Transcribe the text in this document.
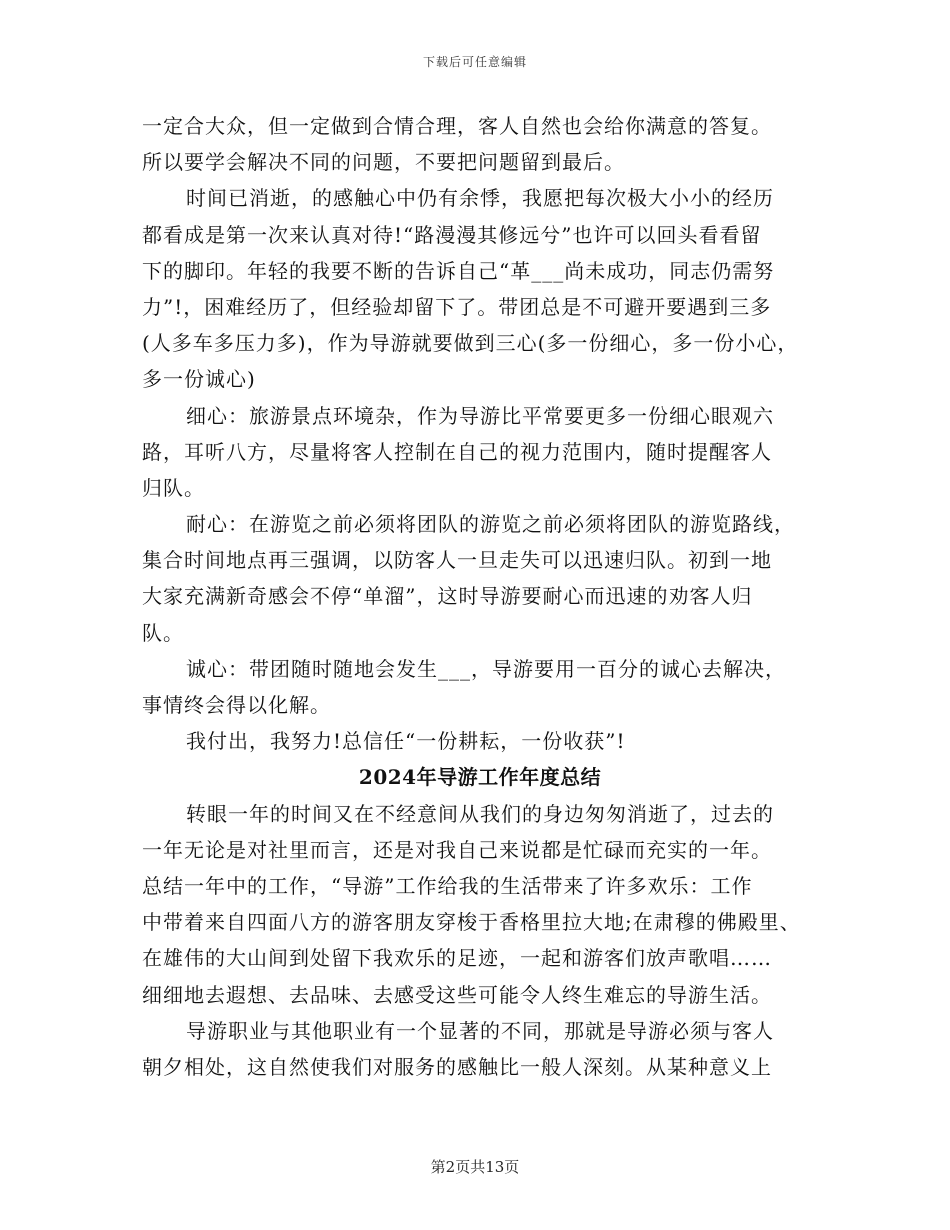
下载后可任意编辑
一定合大众，但一定做到合情合理，客人自然也会给你满意的答复。
所以要学会解决不同的问题，不要把问题留到最后。
时间已消逝，的感触心中仍有余悸，我愿把每次极大小小的经历
都看成是第一次来认真对待!“路漫漫其修远兮”也许可以回头看看留
下的脚印。年轻的我要不断的告诉自己“革___尚未成功，同志仍需努
力”!，困难经历了，但经验却留下了。带团总是不可避开要遇到三多
(人多车多压力多)，作为导游就要做到三心(多一份细心，多一份小心，
多一份诚心)
细心：旅游景点环境杂，作为导游比平常要更多一份细心眼观六
路，耳听八方，尽量将客人控制在自己的视力范围内，随时提醒客人
归队。
耐心：在游览之前必须将团队的游览之前必须将团队的游览路线，
集合时间地点再三强调，以防客人一旦走失可以迅速归队。初到一地
大家充满新奇感会不停“单溜”，这时导游要耐心而迅速的劝客人归
队。
诚心：带团随时随地会发生___，导游要用一百分的诚心去解决，
事情终会得以化解。
我付出，我努力!总信任“一份耕耘，一份收获”!
2024年导游工作年度总结
转眼一年的时间又在不经意间从我们的身边匆匆消逝了，过去的
一年无论是对社里而言，还是对我自己来说都是忙碌而充实的一年。
总结一年中的工作，“导游”工作给我的生活带来了许多欢乐：工作
中带着来自四面八方的游客朋友穿梭于香格里拉大地;在肃穆的佛殿里、
在雄伟的大山间到处留下我欢乐的足迹，一起和游客们放声歌唱……
细细地去遐想、去品味、去感受这些可能令人终生难忘的导游生活。
导游职业与其他职业有一个显著的不同，那就是导游必须与客人
朝夕相处，这自然使我们对服务的感触比一般人深刻。从某种意义上
第2页共13页
